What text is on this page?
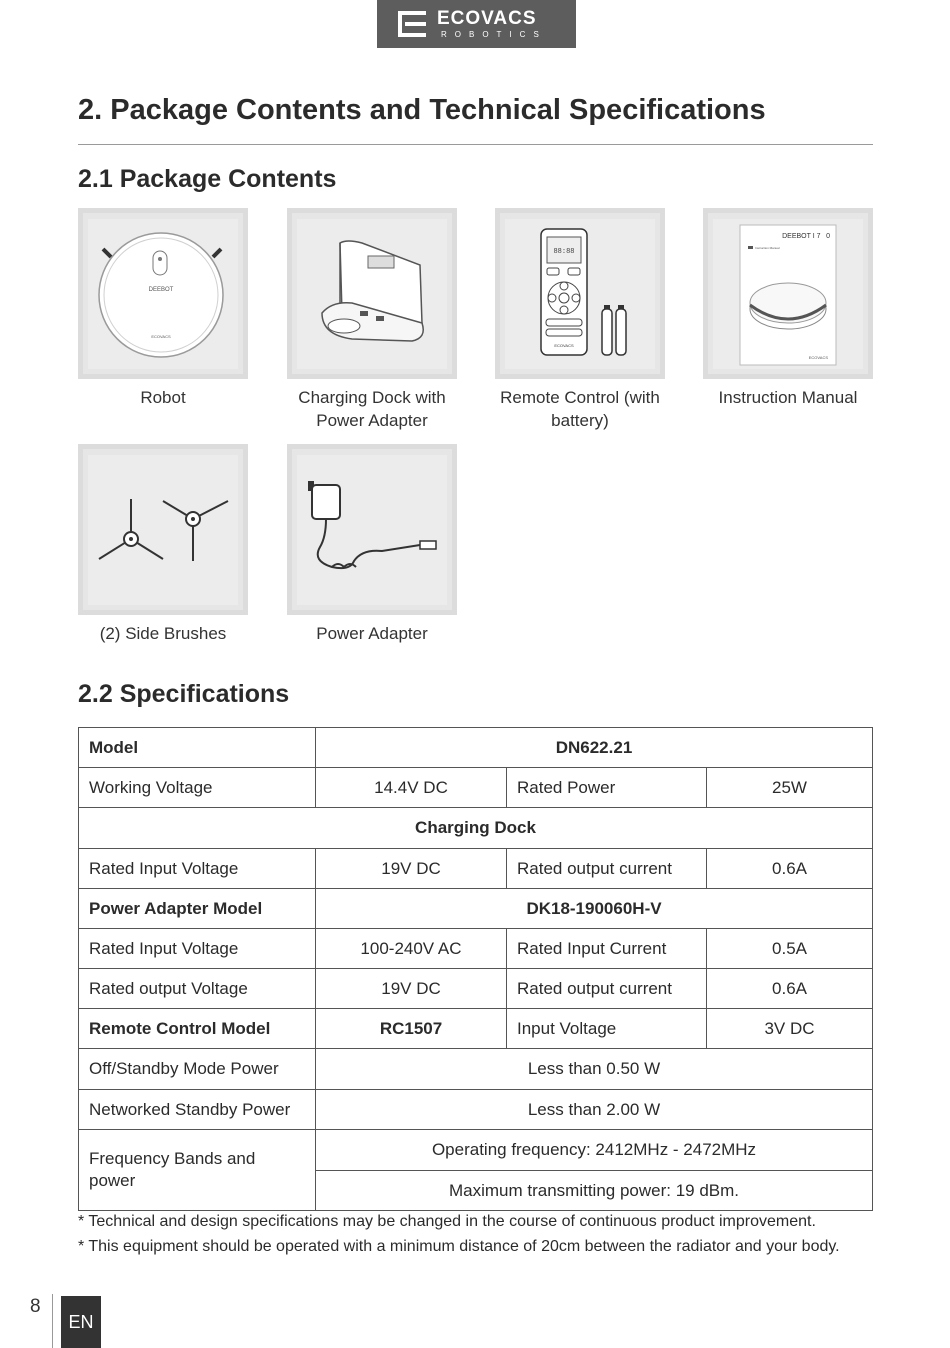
ECOVACS
ROBOTICS
2. Package Contents and Technical Specifications
2.1 Package Contents
DEEBOT
ECOVACS
Robot	Charging Dock with Power Adapter
88:88
ECOVACS
Remote Control (with battery)
DEEBOT I 70
Instruction Manual
ECOVACS
Instruction Manual
(2) Side Brushes	Power Adapter
2.2 Specifications
Model	DN622.21		
Working Voltage	14.4V DC	Rated Power	25W
Charging Dock			
Rated Input Voltage	19V DC	Rated output current	0.6A
Power Adapter Model	DK18-190060H-V		
Rated Input Voltage	100-240V AC	Rated Input Current	0.5A
Rated output Voltage	19V DC	Rated output current	0.6A
Remote Control Model	RC1507	Input Voltage	3V DC
Off/Standby Mode Power	Less than 0.50 W		
Networked Standby Power	Less than 2.00 W		
Frequency Bands and power	Operating frequency: 2412MHz - 2472MHz		
	Maximum transmitting power: 19 dBm.		
* Technical and design specifications may be changed in the course of continuous product improvement.
* This equipment should be operated with a minimum distance of 20cm between the radiator and your body.
8
EN
